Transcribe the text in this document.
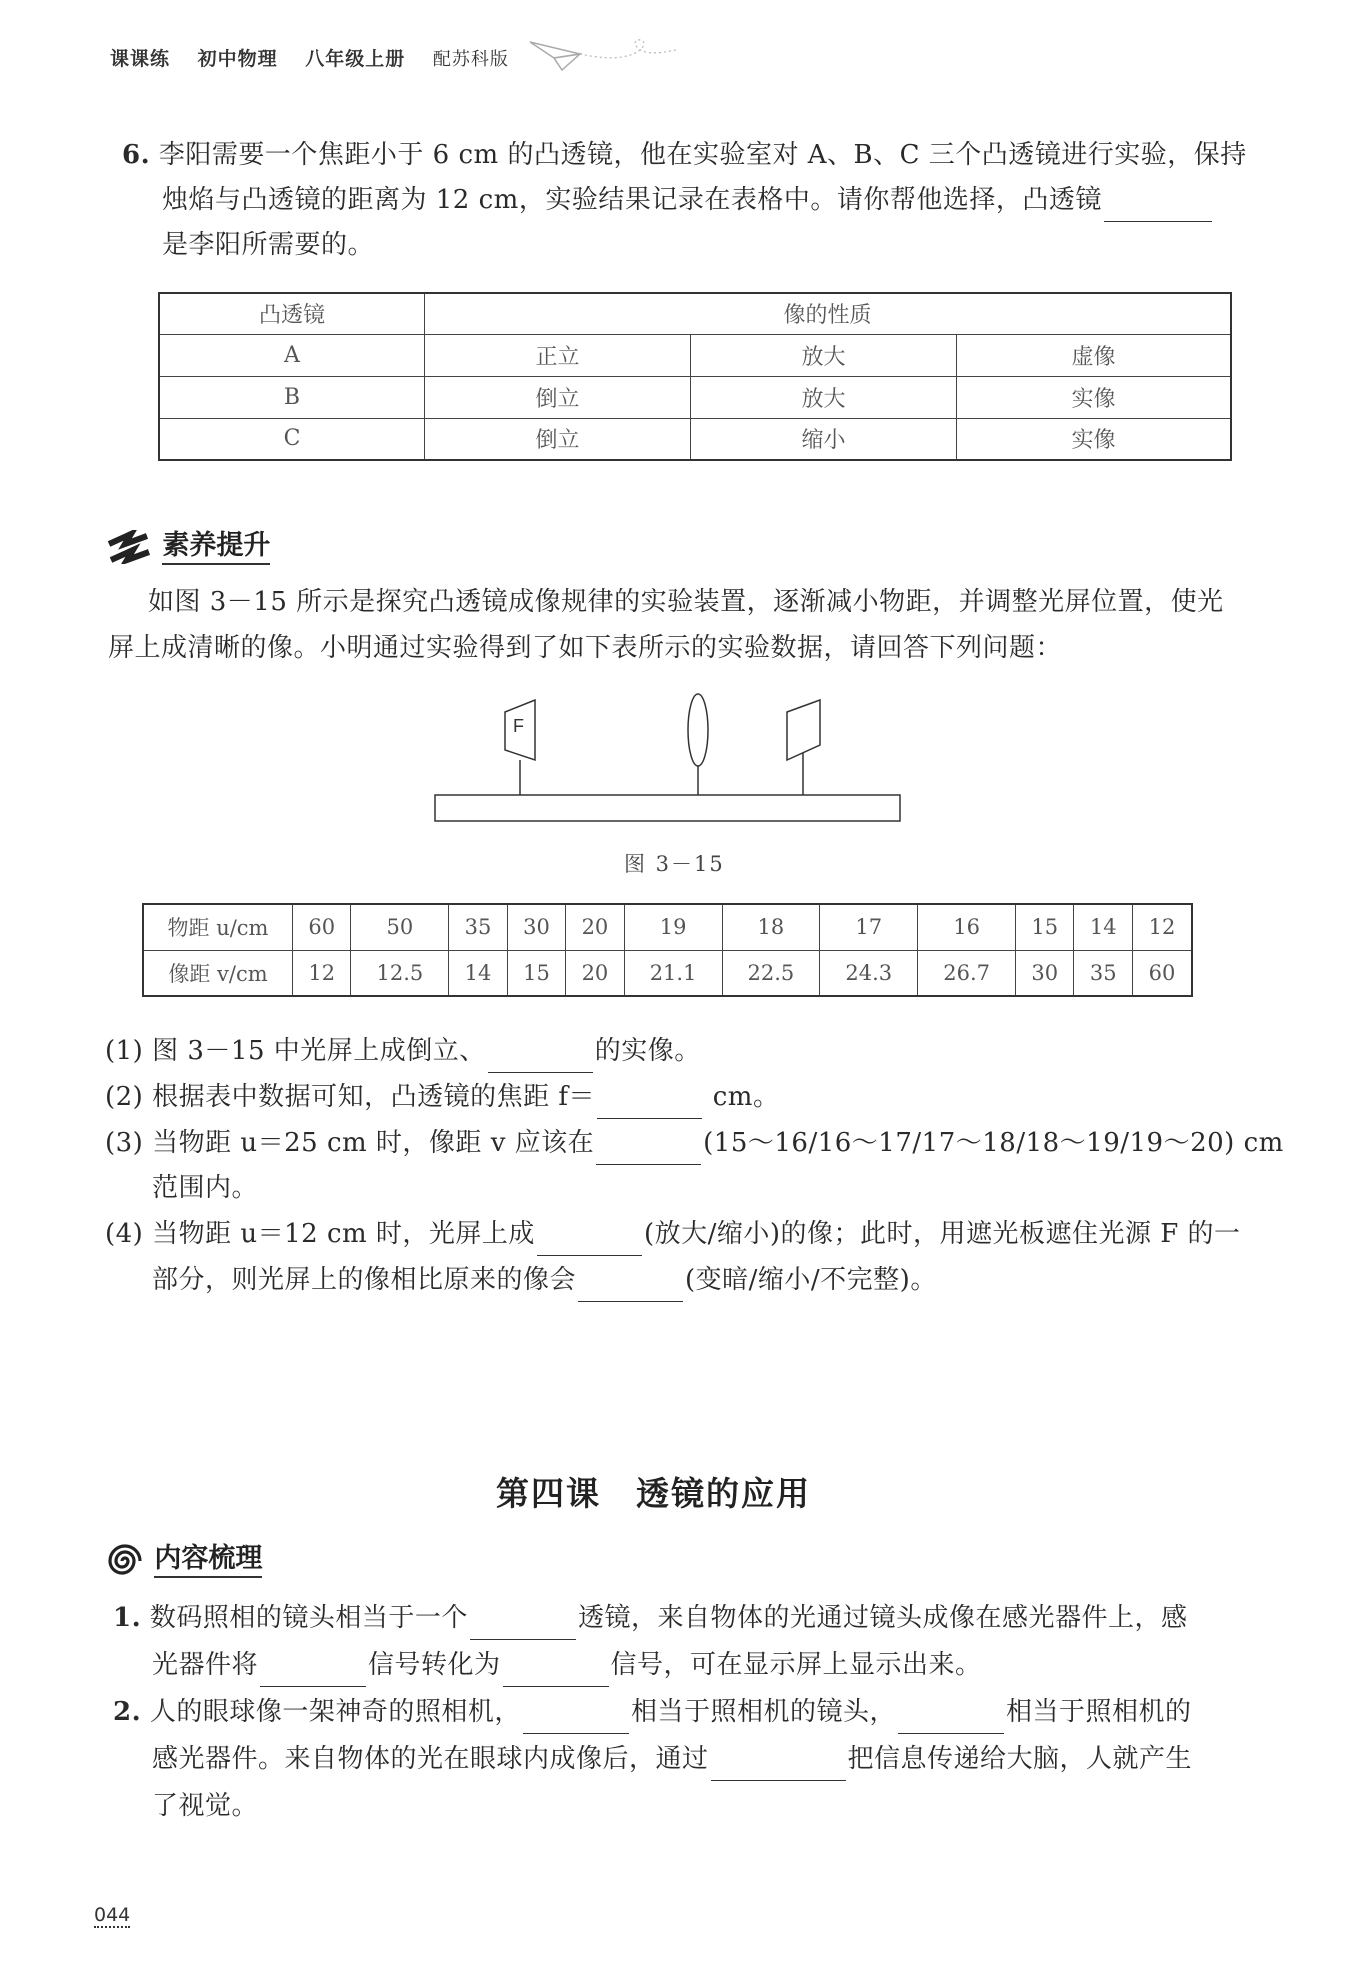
课课练 初中物理 八年级上册 配苏科版
6. 李阳需要一个焦距小于 6 cm 的凸透镜，他在实验室对 A、B、C 三个凸透镜进行实验，保持
烛焰与凸透镜的距离为 12 cm，实验结果记录在表格中。请你帮他选择，凸透镜
是李阳所需要的。
凸透镜	像的性质		
A	正立	放大	虚像
B	倒立	放大	实像
C	倒立	缩小	实像
素养提升
如图 3－15 所示是探究凸透镜成像规律的实验装置，逐渐减小物距，并调整光屏位置，使光
屏上成清晰的像。小明通过实验得到了如下表所示的实验数据，请回答下列问题：
F
图 3－15
物距 u/cm	60	50	35	30	20	19	18	17	16	15	14	12
像距 v/cm	12	12.5	14	15	20	21.1	22.5	24.3	26.7	30	35	60
(1) 图 3－15 中光屏上成倒立、	的实像。
(2) 根据表中数据可知，凸透镜的焦距 f＝	cm。
(3) 当物距 u＝25 cm 时，像距 v 应该在	(15～16/16～17/17～18/18～19/19～20) cm
范围内。
(4) 当物距 u＝12 cm 时，光屏上成	(放大/缩小)的像；此时，用遮光板遮住光源 F 的一
部分，则光屏上的像相比原来的像会	(变暗/缩小/不完整)。
第四课　透镜的应用
内容梳理
1. 数码照相的镜头相当于一个	透镜，来自物体的光通过镜头成像在感光器件上，感
光器件将	信号转化为	信号，可在显示屏上显示出来。
2. 人的眼球像一架神奇的照相机，	相当于照相机的镜头，	相当于照相机的
感光器件。来自物体的光在眼球内成像后，通过	把信息传递给大脑，人就产生
了视觉。
044
